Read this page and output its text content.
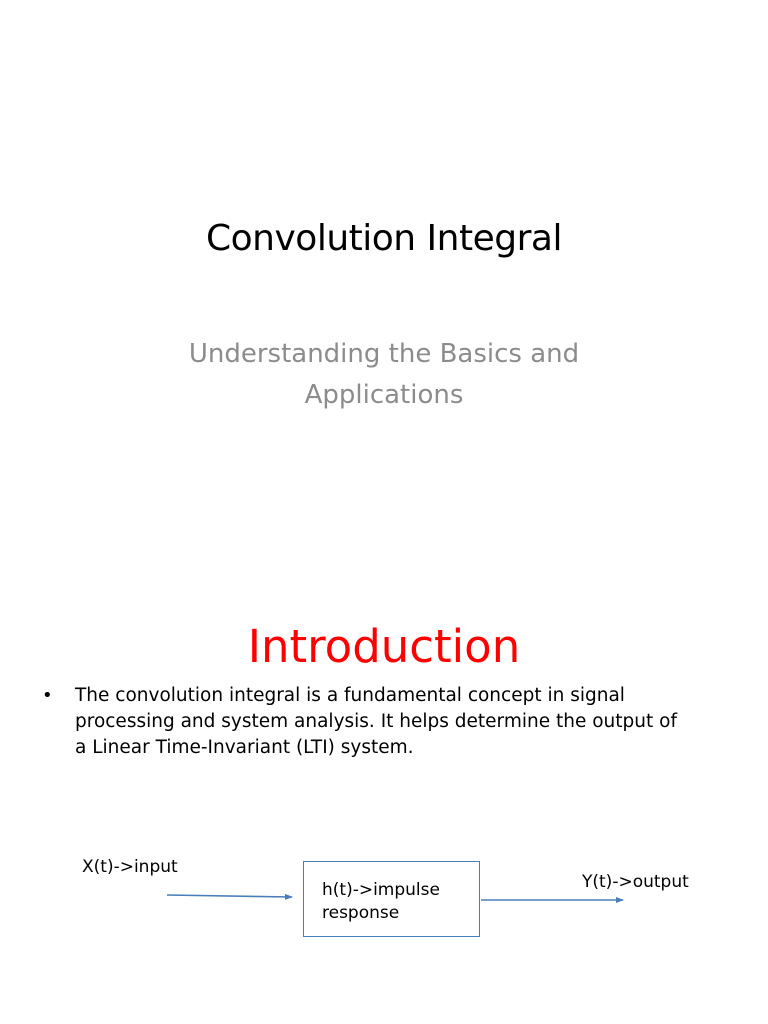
Convolution Integral
Understanding the Basics and Applications
Introduction
• The convolution integral is a fundamental concept in signal processing and system analysis. It helps determine the output of a Linear Time-Invariant (LTI) system.
X(t)->input
h(t)->impulse response
Y(t)->output
